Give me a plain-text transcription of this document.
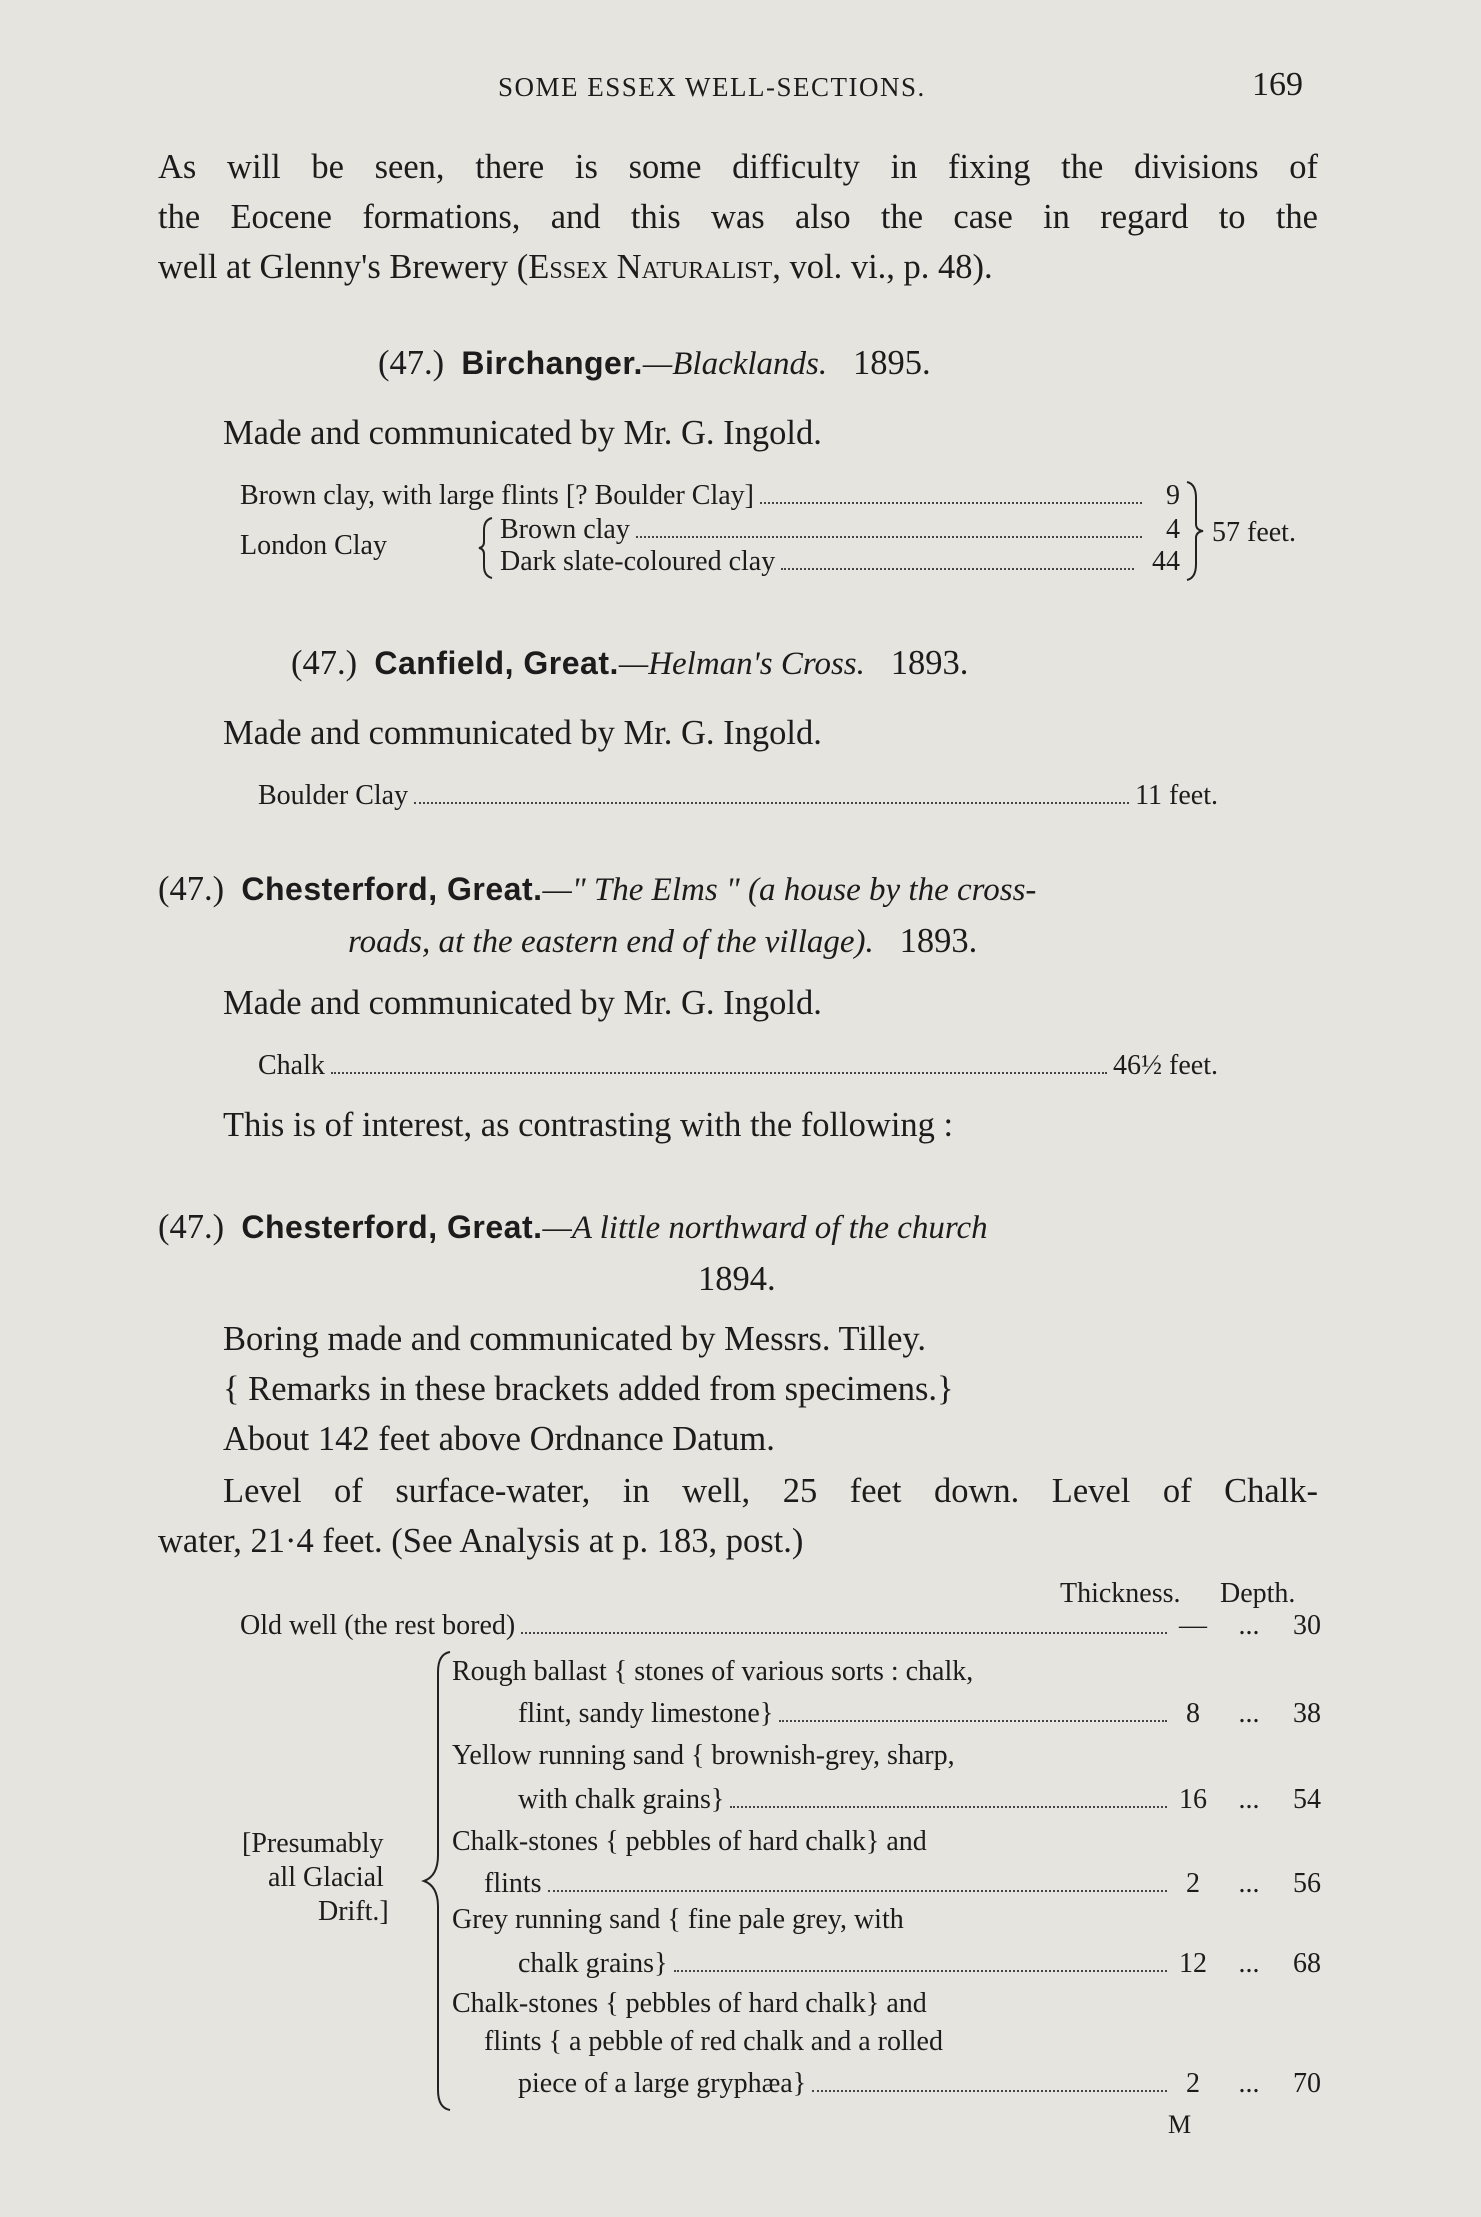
SOME ESSEX WELL-SECTIONS.	169
As will be seen, there is some difficulty in fixing the divisions of
the Eocene formations, and this was also the case in regard to the
well at Glenny's Brewery (Essex Naturalist, vol. vi., p. 48).
(47.) Birchanger.—Blacklands. 1895.
Made and communicated by Mr. G. Ingold.
Brown clay, with large flints [? Boulder Clay]	9
London Clay
Brown clay	4
Dark slate-coloured clay	44
57 feet.
(47.) Canfield, Great.—Helman's Cross. 1893.
Made and communicated by Mr. G. Ingold.
Boulder Clay	11 feet.
(47.) Chesterford, Great.—" The Elms " (a house by the cross-
roads, at the eastern end of the village). 1893.
Made and communicated by Mr. G. Ingold.
Chalk	46½ feet.
This is of interest, as contrasting with the following :
(47.) Chesterford, Great.—A little northward of the church
1894.
Boring made and communicated by Messrs. Tilley.
{ Remarks in these brackets added from specimens.}
About 142 feet above Ordnance Datum.
Level of surface-water, in well, 25 feet down. Level of Chalk-
water, 21·4 feet. (See Analysis at p. 183, post.)
Thickness. Depth.
Old well (the rest bored)	—	...	30
[Presumably
all Glacial
Drift.]
Rough ballast { stones of various sorts : chalk,
flint, sandy limestone}	8	...	38
Yellow running sand { brownish-grey, sharp,
with chalk grains}	16	...	54
Chalk-stones { pebbles of hard chalk} and
flints	2	...	56
Grey running sand { fine pale grey, with
chalk grains}	12	...	68
Chalk-stones { pebbles of hard chalk} and
flints { a pebble of red chalk and a rolled
piece of a large gryphæa}	2	...	70
M
